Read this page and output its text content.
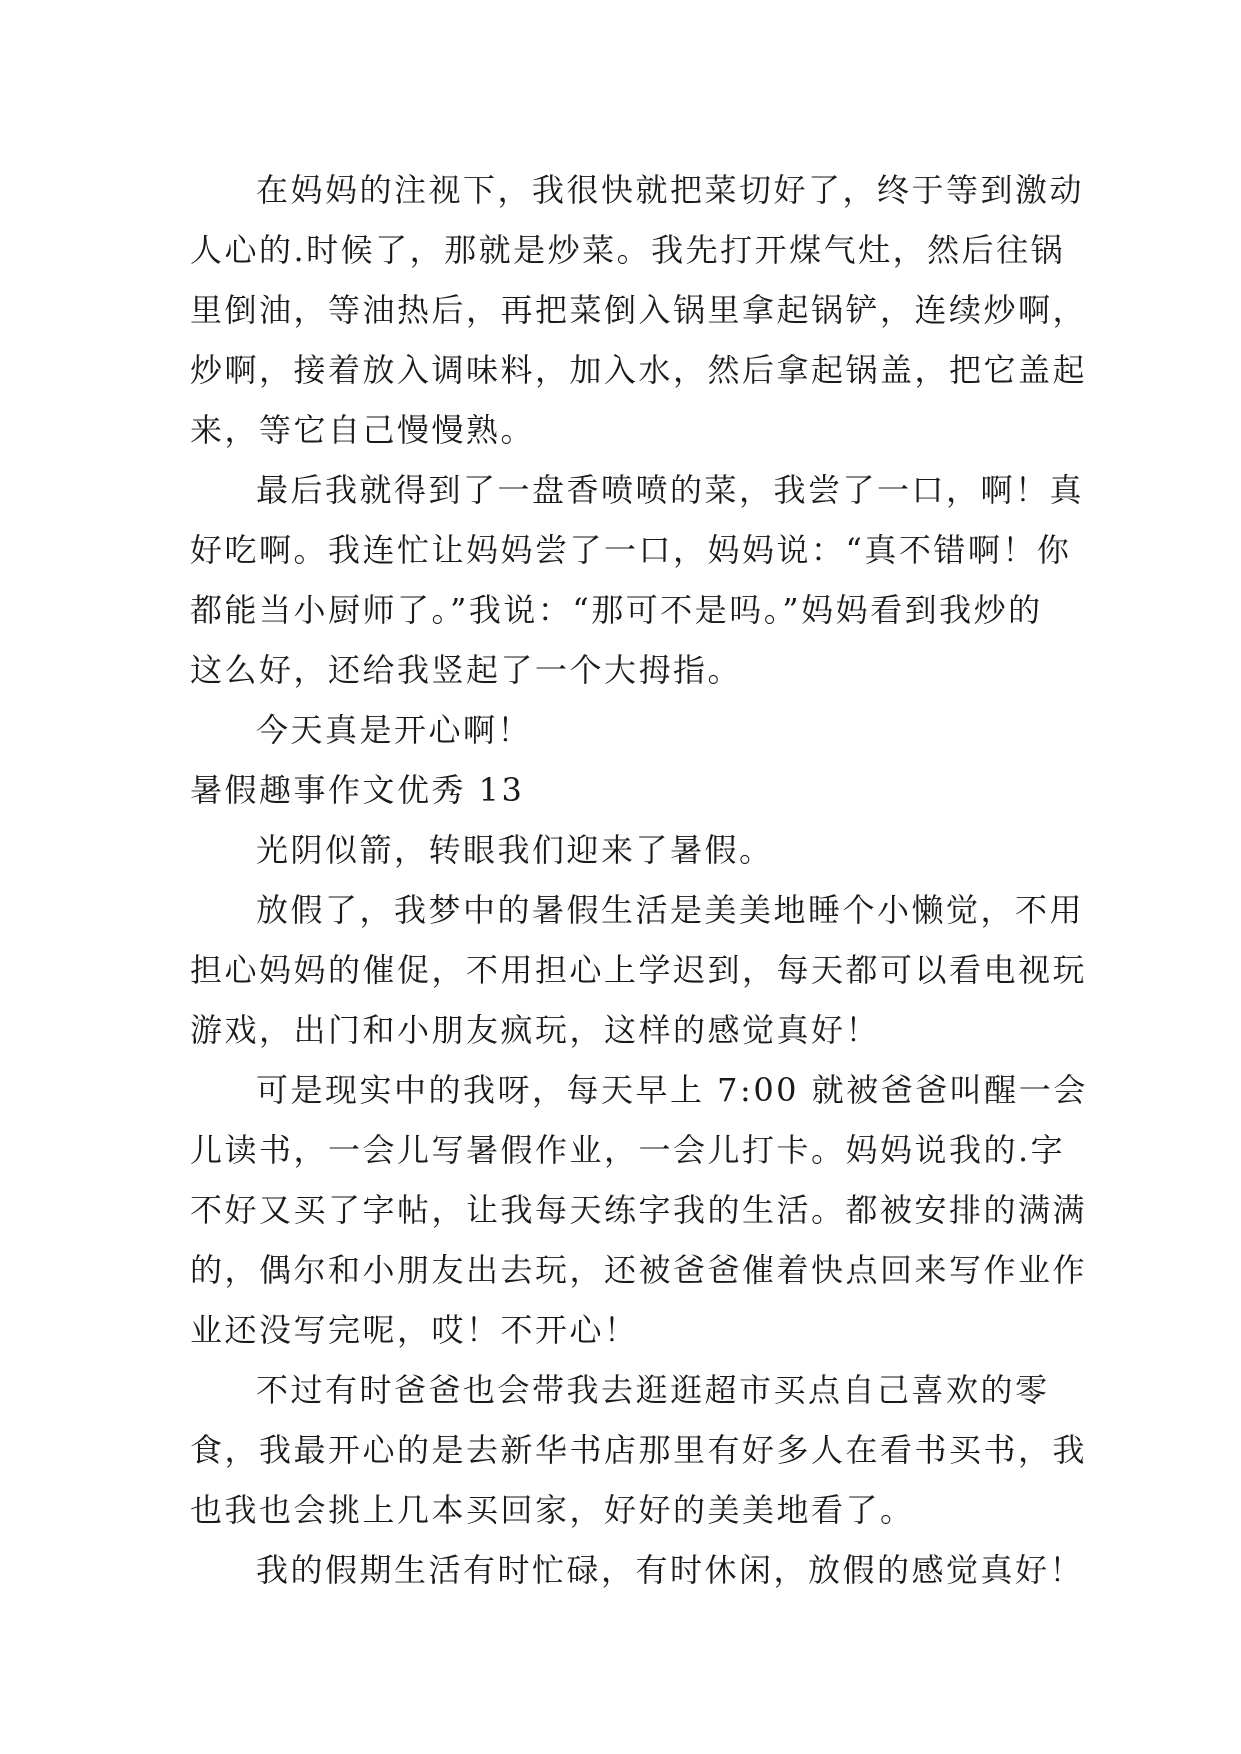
在妈妈的注视下，我很快就把菜切好了，终于等到激动
人心的.时候了，那就是炒菜。我先打开煤气灶，然后往锅
里倒油，等油热后，再把菜倒入锅里拿起锅铲，连续炒啊，
炒啊，接着放入调味料，加入水，然后拿起锅盖，把它盖起
来，等它自己慢慢熟。
最后我就得到了一盘香喷喷的菜，我尝了一口，啊！真
好吃啊。我连忙让妈妈尝了一口，妈妈说：“真不错啊！你
都能当小厨师了。”我说：“那可不是吗。”妈妈看到我炒的
这么好，还给我竖起了一个大拇指。
今天真是开心啊！
暑假趣事作文优秀 13
光阴似箭，转眼我们迎来了暑假。
放假了，我梦中的暑假生活是美美地睡个小懒觉，不用
担心妈妈的催促，不用担心上学迟到，每天都可以看电视玩
游戏，出门和小朋友疯玩，这样的感觉真好！
可是现实中的我呀，每天早上 7:00 就被爸爸叫醒一会
儿读书，一会儿写暑假作业，一会儿打卡。妈妈说我的.字
不好又买了字帖，让我每天练字我的生活。都被安排的满满
的，偶尔和小朋友出去玩，还被爸爸催着快点回来写作业作
业还没写完呢，哎！不开心！
不过有时爸爸也会带我去逛逛超市买点自己喜欢的零
食，我最开心的是去新华书店那里有好多人在看书买书，我
也我也会挑上几本买回家，好好的美美地看了。
我的假期生活有时忙碌，有时休闲，放假的感觉真好！
